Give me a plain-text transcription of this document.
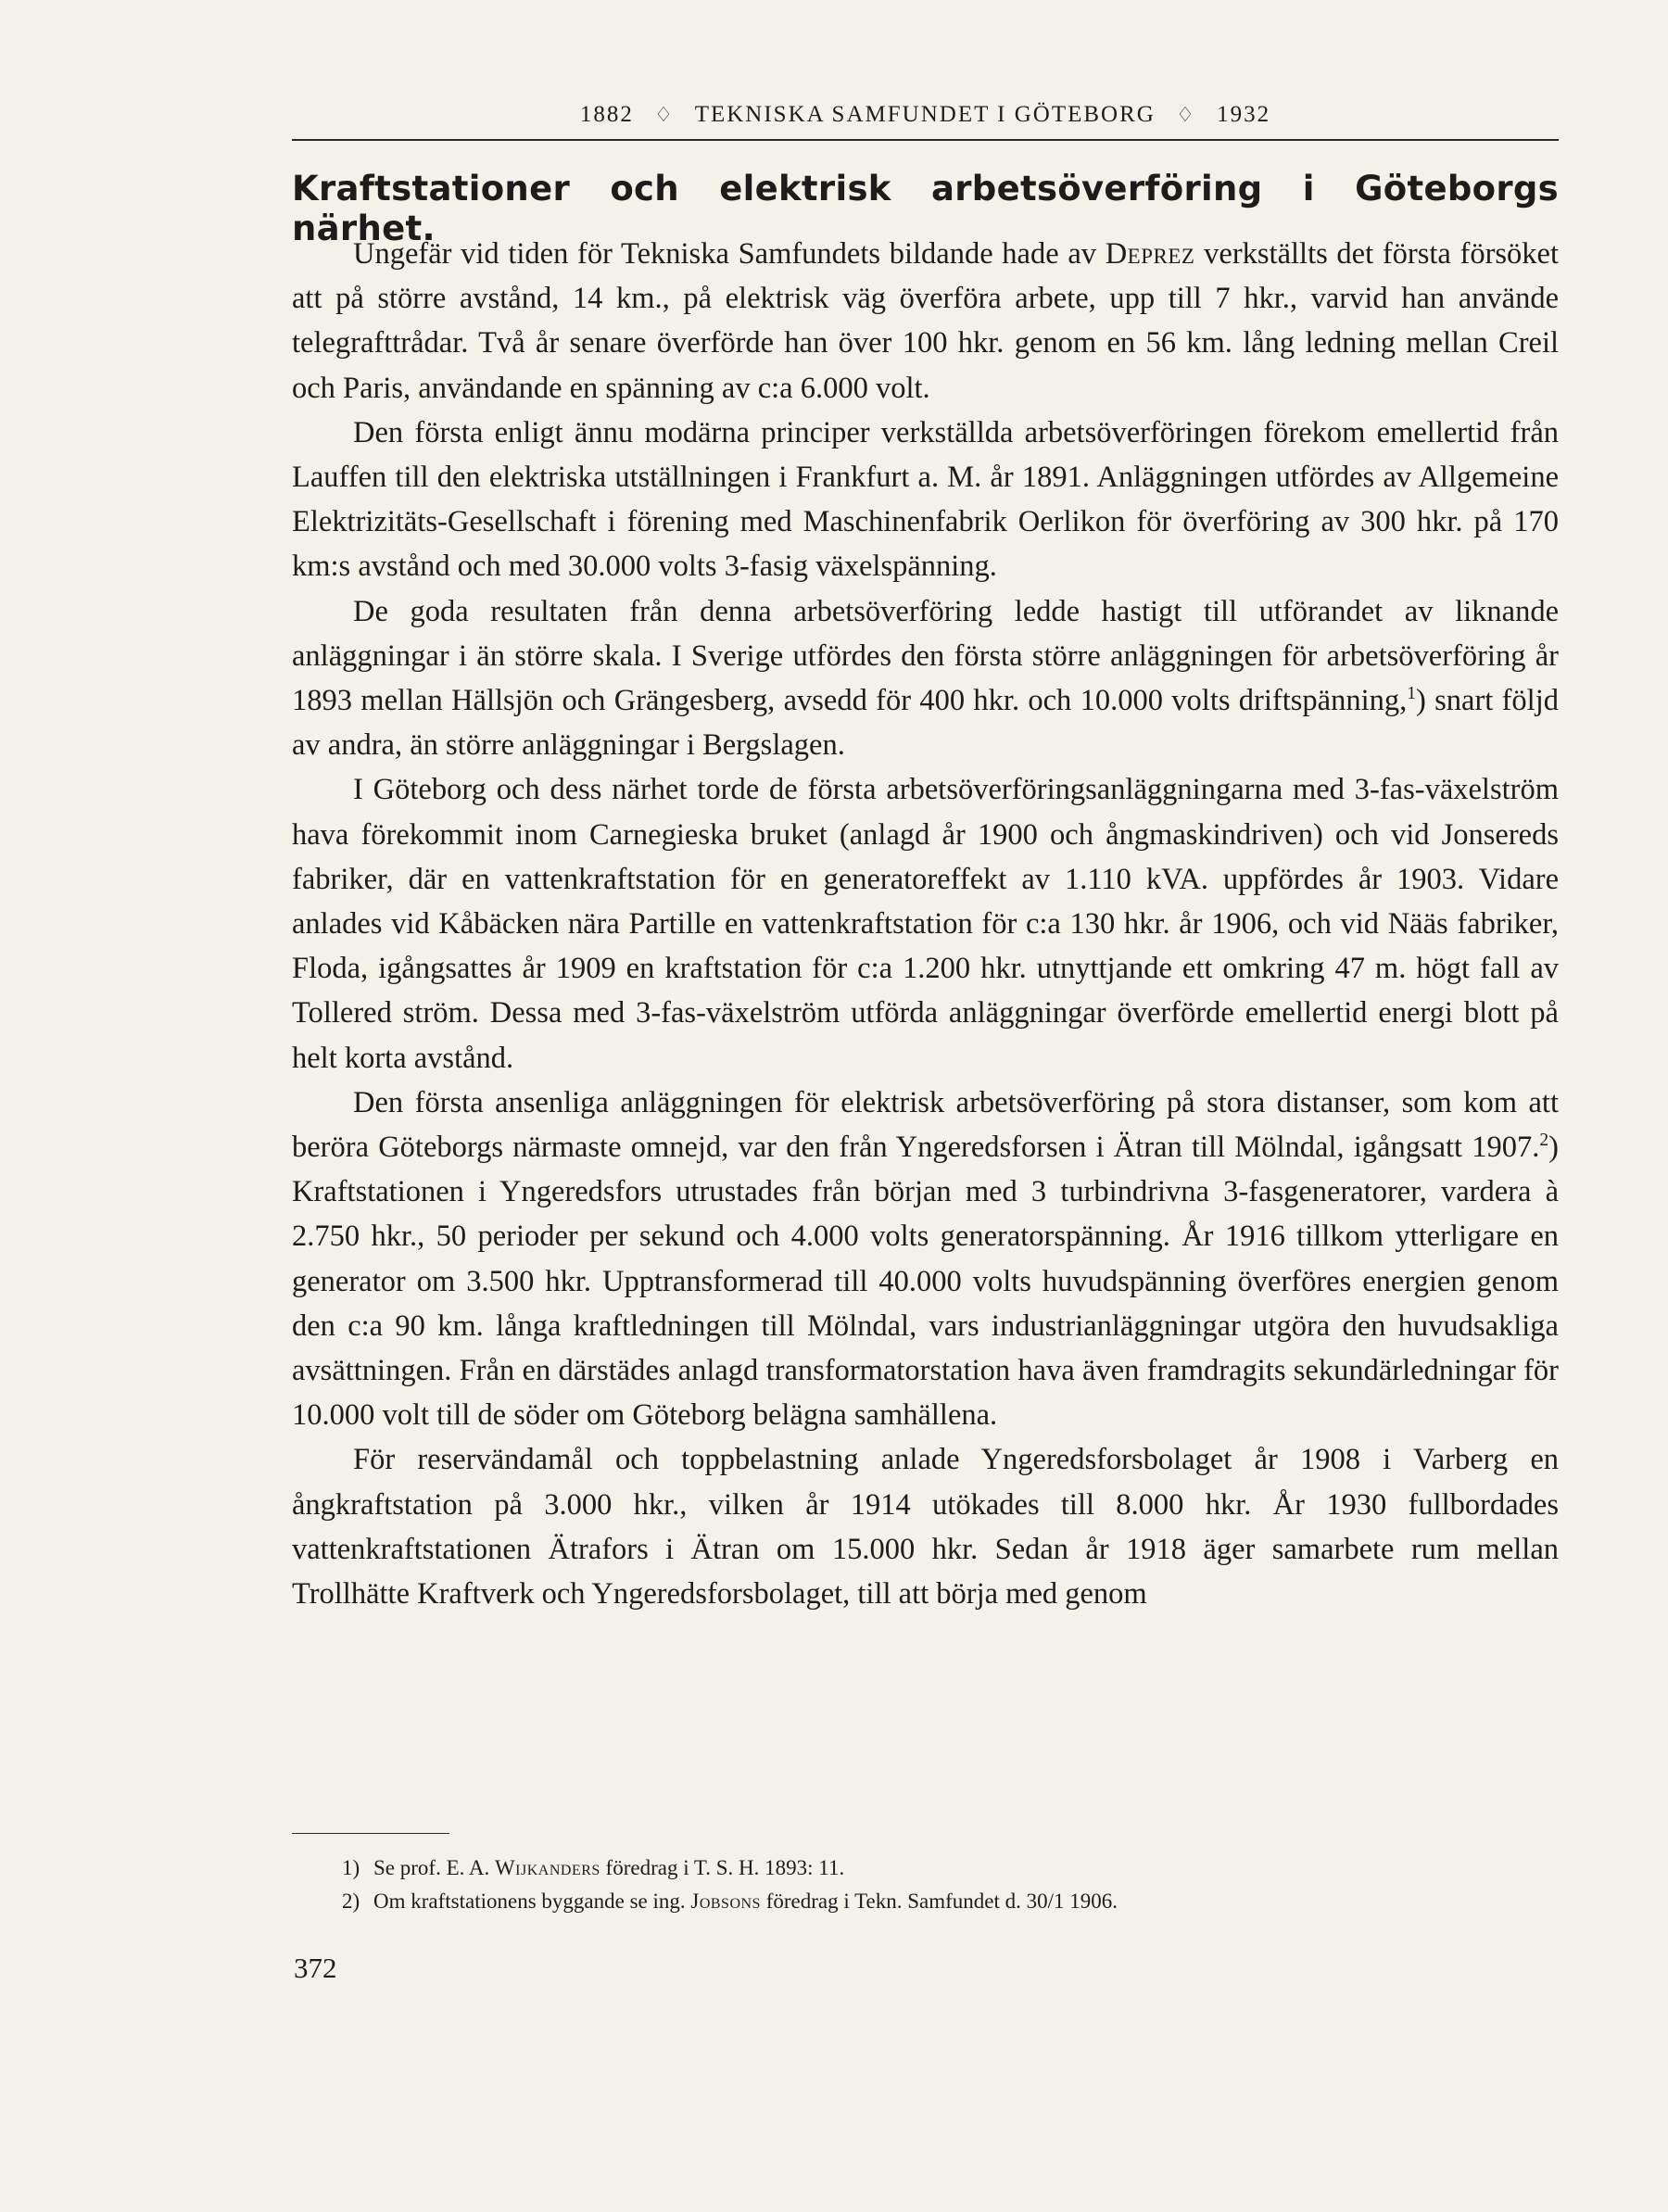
1882 ♢ TEKNISKA SAMFUNDET I GÖTEBORG ♢ 1932
Kraftstationer och elektrisk arbetsöverföring i Göteborgs närhet.

Ungefär vid tiden för Tekniska Samfundets bildande hade av Deprez verkställts det första försöket att på större avstånd, 14 km., på elektrisk väg överföra arbete, upp till 7 hkr., varvid han använde telegrafttrådar. Två år senare överförde han över 100 hkr. genom en 56 km. lång ledning mellan Creil och Paris, användande en spänning av c:a 6.000 volt.

Den första enligt ännu modärna principer verkställda arbetsöverföringen förekom emellertid från Lauffen till den elektriska utställningen i Frankfurt a. M. år 1891. Anläggningen utfördes av Allgemeine Elektrizitäts-Gesellschaft i förening med Maschinenfabrik Oerlikon för överföring av 300 hkr. på 170 km:s avstånd och med 30.000 volts 3-fasig växelspänning.

De goda resultaten från denna arbetsöverföring ledde hastigt till utförandet av liknande anläggningar i än större skala. I Sverige utfördes den första större anläggningen för arbetsöverföring år 1893 mellan Hällsjön och Grängesberg, avsedd för 400 hkr. och 10.000 volts driftspänning,$^1$) snart följd av andra, än större anläggningar i Bergslagen.

I Göteborg och dess närhet torde de första arbetsöverföringsanläggningarna med 3-fas-växelström hava förekommit inom Carnegieska bruket (anlagd år 1900 och ångmaskindriven) och vid Jonsereds fabriker, där en vattenkraftstation för en generatoreffekt av 1.110 kVA. uppfördes år 1903. Vidare anlades vid Kåbäcken nära Partille en vattenkraftstation för c:a 130 hkr. år 1906, och vid Nääs fabriker, Floda, igångsattes år 1909 en kraftstation för c:a 1.200 hkr. utnyttjande ett omkring 47 m. högt fall av Tollered ström. Dessa med 3-fas-växelström utförda anläggningar överförde emellertid energi blott på helt korta avstånd.

Den första ansenliga anläggningen för elektrisk arbetsöverföring på stora distanser, som kom att beröra Göteborgs närmaste omnejd, var den från Yngeredsforsen i Ätran till Mölndal, igångsatt 1907.$^2$) Kraftstationen i Yngeredsfors utrustades från början med 3 turbindrivna 3-fasgeneratorer, vardera à 2.750 hkr., 50 perioder per sekund och 4.000 volts generatorspänning. År 1916 tillkom ytterligare en generator om 3.500 hkr. Upptransformerad till 40.000 volts huvudspänning överföres energien genom den c:a 90 km. långa kraftledningen till Mölndal, vars industrianläggningar utgöra den huvudsakliga avsättningen. Från en därstädes anlagd transformatorstation hava även framdragits sekundärledningar för 10.000 volt till de söder om Göteborg belägna samhällena.

För reservändamål och toppbelastning anlade Yngeredsforsbolaget år 1908 i Varberg en ångkraftstation på 3.000 hkr., vilken år 1914 utökades till 8.000 hkr. År 1930 fullbordades vattenkraftstationen Ätrafors i Ätran om 15.000 hkr. Sedan år 1918 äger samarbete rum mellan Trollhätte Kraftverk och Yngeredsforsbolaget, till att börja med genom

1) Se prof. E. A. Wijkanders föredrag i T. S. H. 1893: 11.
2) Om kraftstationens byggande se ing. Jobsons föredrag i Tekn. Samfundet d. 30/1 1906.
372
